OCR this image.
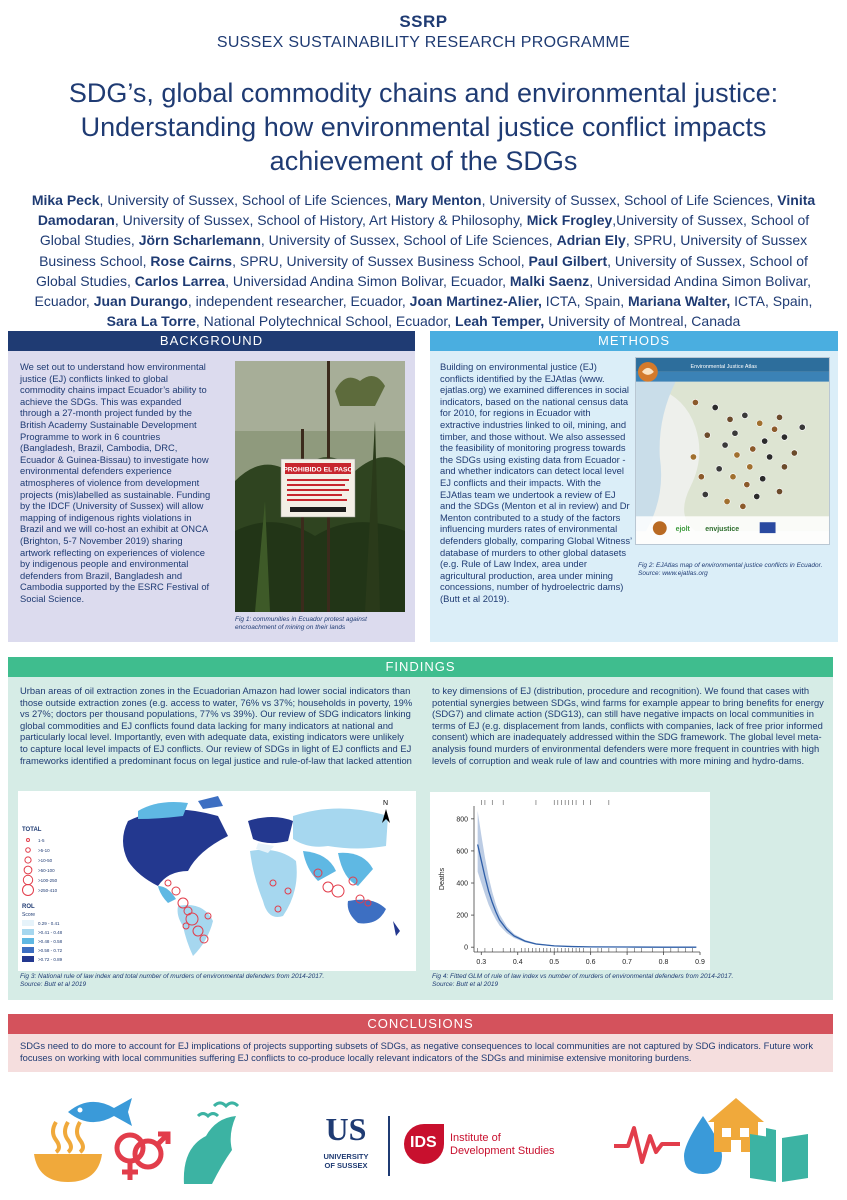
SSRP
SUSSEX SUSTAINABILITY RESEARCH PROGRAMME
SDG’s, global commodity chains and environmental justice: Understanding how environmental justice conflict impacts achievement of the SDGs
Mika Peck, University of Sussex, School of Life Sciences, Mary Menton, University of Sussex, School of Life Sciences, Vinita Damodaran, University of Sussex, School of History, Art History & Philosophy, Mick Frogley,University of Sussex, School of Global Studies, Jörn Scharlemann, University of Sussex, School of Life Sciences, Adrian Ely, SPRU, University of Sussex Business School, Rose Cairns, SPRU, University of Sussex Business School, Paul Gilbert, University of Sussex, School of Global Studies, Carlos Larrea, Universidad Andina Simon Bolivar, Ecuador, Malki Saenz, Universidad Andina Simon Bolivar, Ecuador, Juan Durango, independent researcher, Ecuador, Joan Martinez-Alier, ICTA, Spain, Mariana Walter, ICTA, Spain, Sara La Torre, National Polytechnical School, Ecuador, Leah Temper, University of Montreal, Canada
BACKGROUND
We set out to understand how environmental justice (EJ) conflicts linked to global commodity chains impact Ecuador’s ability to achieve the SDGs. This was expanded through a 27-month project funded by the British Academy Sustainable Development Programme to work in 6 countries (Bangladesh, Brazil, Cambodia, DRC, Ecuador & Guinea-Bissau) to investigate how environmental defenders experience atmospheres of violence from development projects (mis)labelled as sustainable. Funding by the IDCF (University of Sussex) will allow mapping of indigenous rights violations in Brazil and we will co-host an exhibit at ONCA (Brighton, 5-7 November 2019) sharing artwork reflecting on experiences of violence by indigenous people and environmental defenders from Brazil, Bangladesh and Cambodia supported by the ESRC Festival of Social Science.
PROHIBIDO EL PASO
Fig 1: communities in Ecuador protest against encroachment of mining on their lands
METHODS
Building on environmental justice (EJ) conflicts identified by the EJAtlas (www. ejatlas.org) we examined differences in social indicators, based on the national census data for 2010, for regions in Ecuador with extractive industries linked to oil, mining, and timber, and those without. We also assessed the feasibility of monitoring progress towards the SDGs using existing data from Ecuador - and whether indicators can detect local level EJ conflicts and their impacts. With the EJAtlas team we undertook a review of EJ and the SDGs (Menton et al in review) and Dr Menton contributed to a study of the factors influencing murders rates of environmental defenders globally, comparing Global Witness’ database of murders to other global datasets (e.g. Rule of Law Index, area under agricultural production, area under mining concessions, number of hydroelectric dams) (Butt et al 2019).
Environmental Justice Atlas
ejolt envjustice
Fig 2: EJAtlas map of environmental justice conflicts in Ecuador. Source: www.ejatlas.org
FINDINGS
Urban areas of oil extraction zones in the Ecuadorian Amazon had lower social indicators than those outside extraction zones (e.g. access to water, 76% vs 37%; households in poverty, 19% vs 27%; doctors per thousand populations, 77% vs 39%). Our review of SDG indicators linking global commodities and EJ conflicts found data lacking for many indicators at national and particularly local level. Importantly, even with adequate data, existing indicators were unlikely to capture local level impacts of EJ conflicts. Our review of SDGs in light of EJ conflicts and EJ frameworks identified a predominant focus on legal justice and rule-of-law that lacked attention
to key dimensions of EJ (distribution, procedure and recognition). We found that cases with potential synergies between SDGs, wind farms for example appear to bring benefits for energy (SDG7) and climate action (SDG13), can still have negative impacts on local communities in terms of EJ (e.g. displacement from lands, conflicts with companies, lack of free prior informed consent) which are inadequately addressed within the SDG framework. The global level meta-analysis found murders of environmental defenders were more frequent in countries with high levels of corruption and weak rule of law and countries with more mining and hydro-dams.
N
TOTAL
1-5
>5-10
>10-50
>50-100
>100-250
>250-410
ROL
Score
0.29 - 0.41
>0.41 - 0.48
>0.48 - 0.58
>0.58 - 0.72
>0.72 - 0.89
Fig 3: National rule of law index and total number of murders of environmental defenders from 2014-2017.
Source: Butt et al 2019
0
200
400
600
800
0.3	0.4	0.5	0.6	0.7	0.8	0.9
Deaths
Fig 4: Fitted GLM of rule of law index vs number of murders of environmental defenders from 2014-2017.
Source: Butt et al 2019
CONCLUSIONS
SDGs need to do more to account for EJ implications of projects supporting subsets of SDGs, as negative consequences to local communities are not captured by SDG indicators. Future work focuses on working with local communities suffering EJ conflicts to co-produce locally relevant indicators of the SDGs and minimise extensive monitoring burdens.
US
UNIVERSITY
OF SUSSEX
IDS Institute of
Development Studies
